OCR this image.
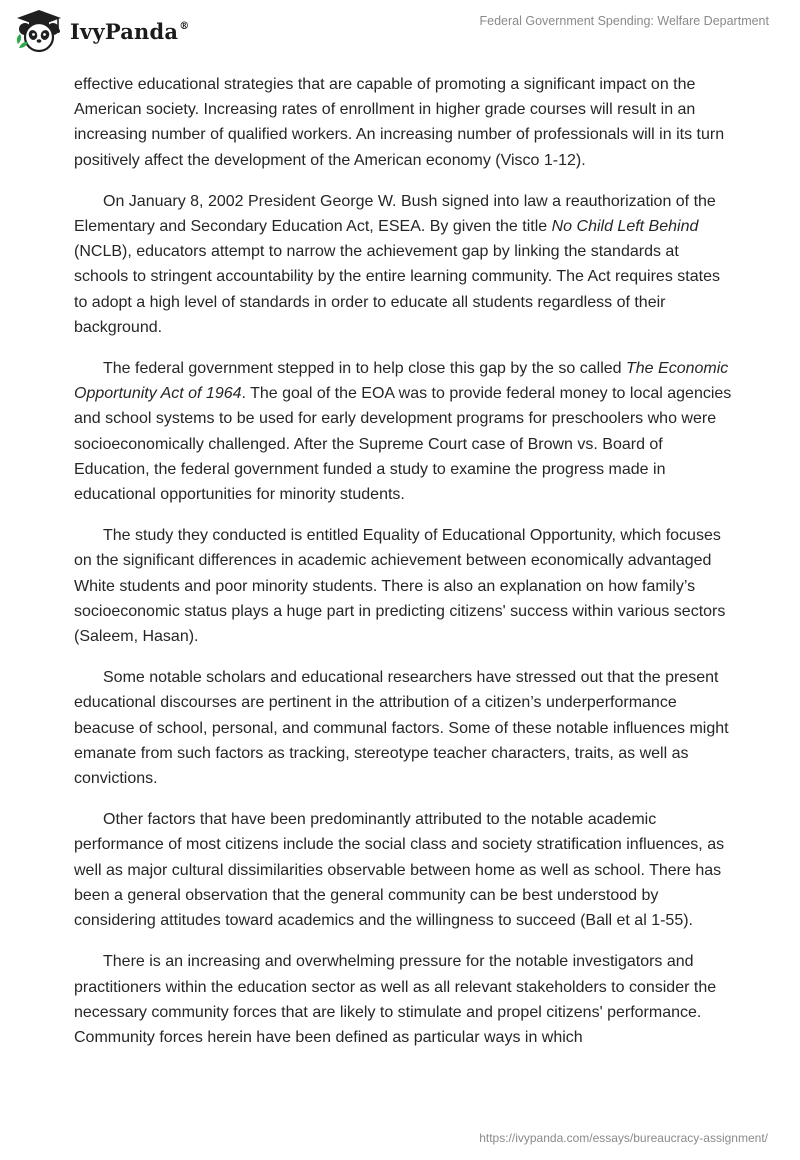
IvyPanda®	Federal Government Spending: Welfare Department

effective educational strategies that are capable of promoting a significant impact on the American society. Increasing rates of enrollment in higher grade courses will result in an increasing number of qualified workers. An increasing number of professionals will in its turn positively affect the development of the American economy (Visco 1-12).

On January 8, 2002 President George W. Bush signed into law a reauthorization of the Elementary and Secondary Education Act, ESEA. By given the title No Child Left Behind (NCLB), educators attempt to narrow the achievement gap by linking the standards at schools to stringent accountability by the entire learning community. The Act requires states to adopt a high level of standards in order to educate all students regardless of their background.

The federal government stepped in to help close this gap by the so called The Economic Opportunity Act of 1964. The goal of the EOA was to provide federal money to local agencies and school systems to be used for early development programs for preschoolers who were socioeconomically challenged. After the Supreme Court case of Brown vs. Board of Education, the federal government funded a study to examine the progress made in educational opportunities for minority students.

The study they conducted is entitled Equality of Educational Opportunity, which focuses on the significant differences in academic achievement between economically advantaged White students and poor minority students. There is also an explanation on how family’s socioeconomic status plays a huge part in predicting citizens' success within various sectors (Saleem, Hasan).

Some notable scholars and educational researchers have stressed out that the present educational discourses are pertinent in the attribution of a citizen’s underperformance beacuse of school, personal, and communal factors. Some of these notable influences might emanate from such factors as tracking, stereotype teacher characters, traits, as well as convictions.

Other factors that have been predominantly attributed to the notable academic performance of most citizens include the social class and society stratification influences, as well as major cultural dissimilarities observable between home as well as school. There has been a general observation that the general community can be best understood by considering attitudes toward academics and the willingness to succeed (Ball et al 1-55).

There is an increasing and overwhelming pressure for the notable investigators and practitioners within the education sector as well as all relevant stakeholders to consider the necessary community forces that are likely to stimulate and propel citizens' performance. Community forces herein have been defined as particular ways in which

https://ivypanda.com/essays/bureaucracy-assignment/
